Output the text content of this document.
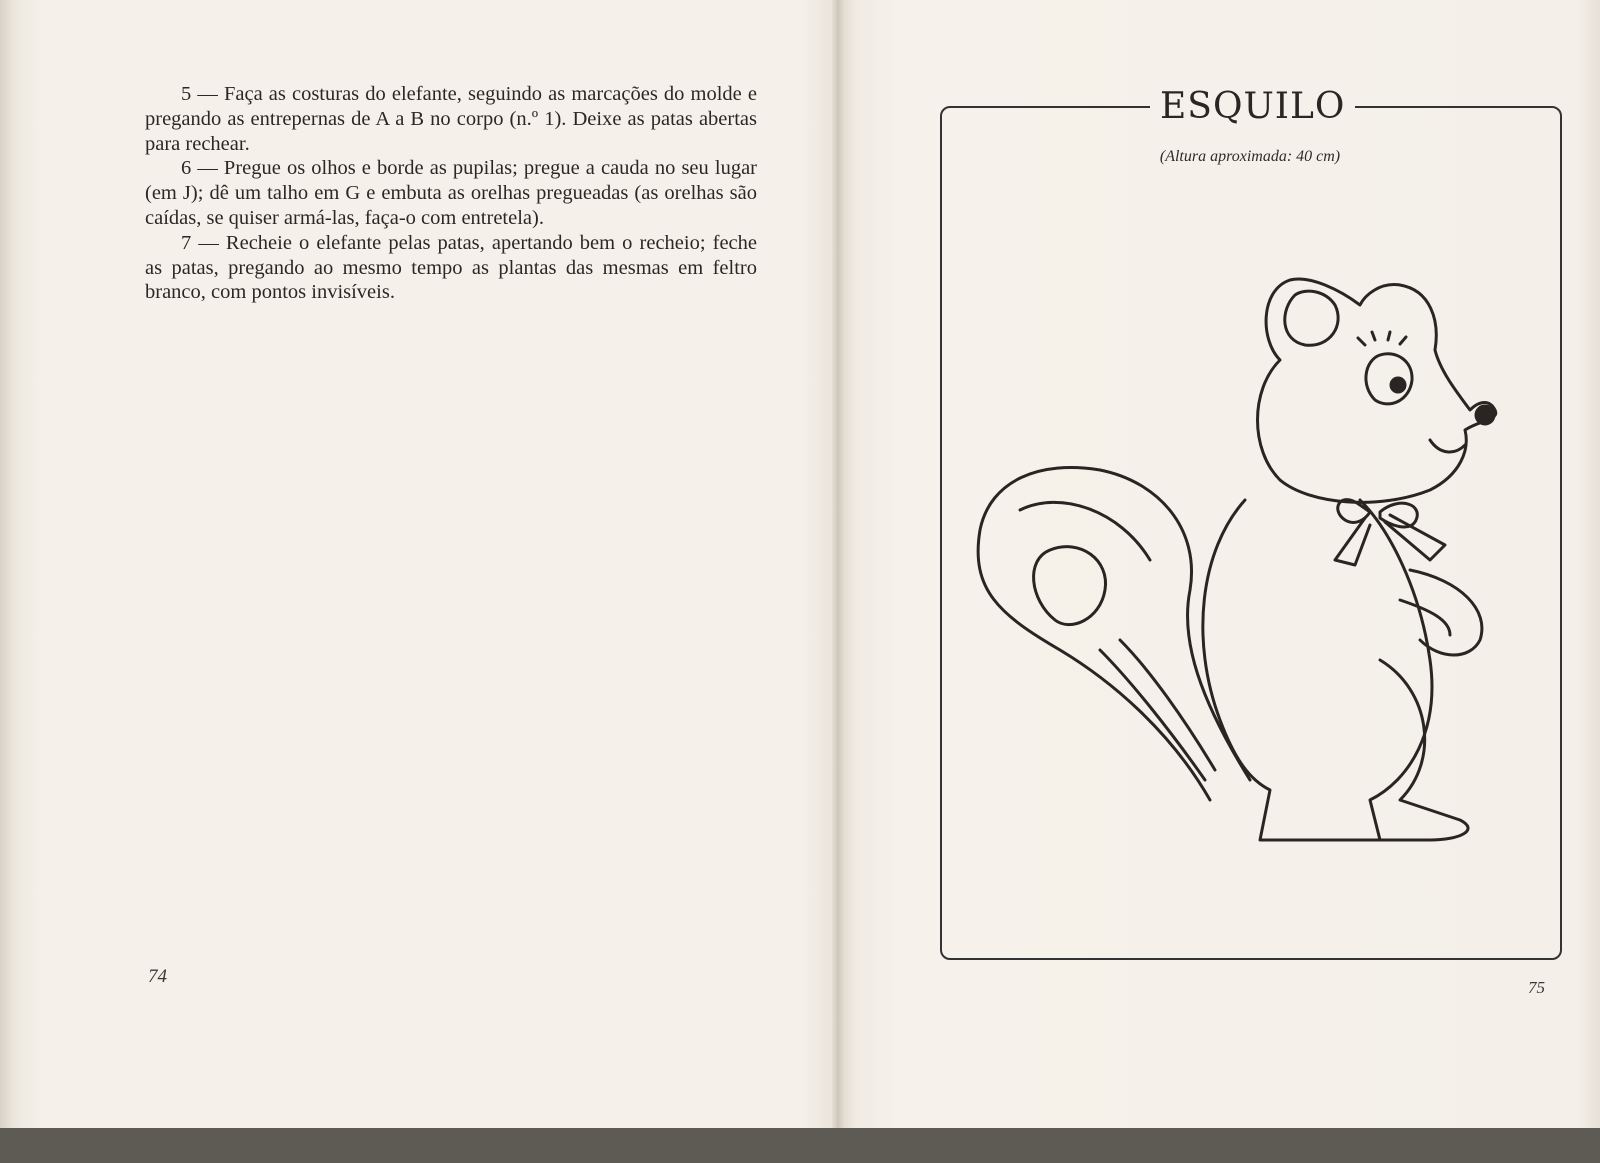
5 — Faça as costuras do elefante, seguindo as marcações do molde e pregando as entrepernas de A a B no corpo (n.º 1). Deixe as patas abertas para rechear.

6 — Pregue os olhos e borde as pupilas; pregue a cauda no seu lugar (em J); dê um talho em G e embuta as orelhas pregueadas (as orelhas são caídas, se quiser armá-las, faça-o com entretela).

7 — Recheie o elefante pelas patas, apertando bem o recheio; feche as patas, pregando ao mesmo tempo as plantas das mesmas em feltro branco, com pontos invisíveis.

74
ESQUILO
(Altura aproximada: 40 cm)
75
